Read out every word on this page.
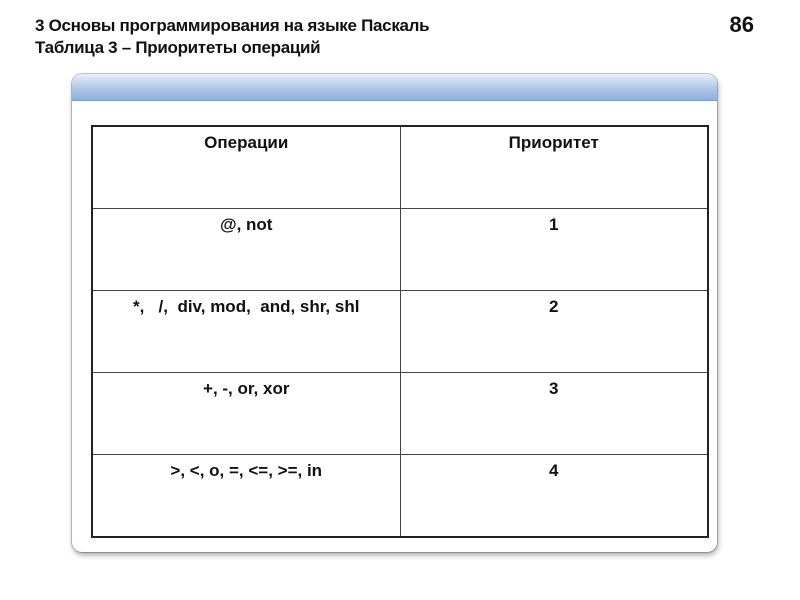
3 Основы программирования на языке Паскаль
Таблица 3 – Приоритеты операций
86
Операции	Приоритет
@, not	1
*,   /,  div, mod,  and, shr, shl	2
+, -, or, xor	3
>, <, о, =, <=, >=, in	4
